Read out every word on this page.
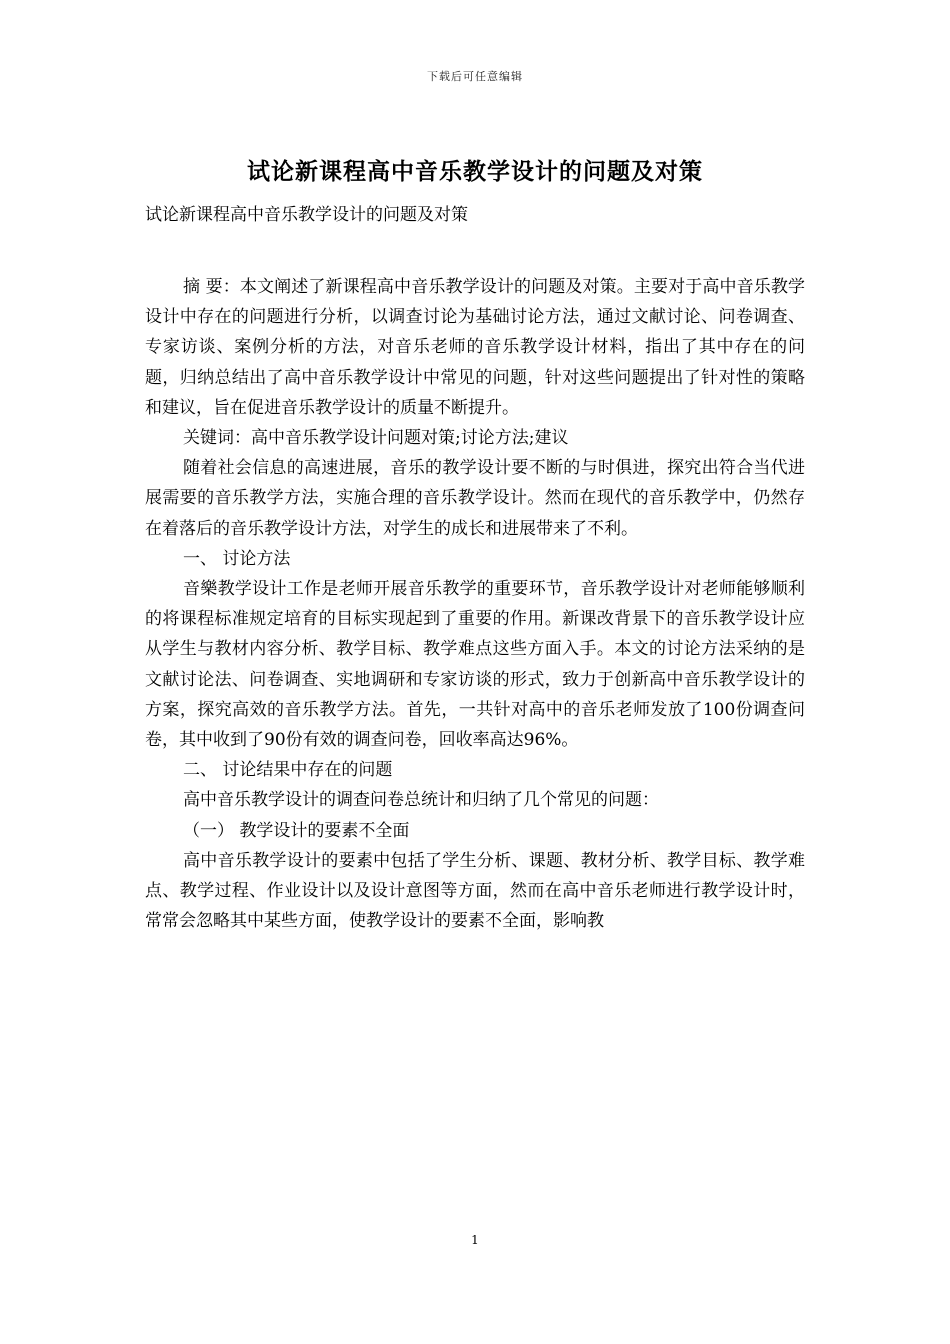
下载后可任意编辑
试论新课程高中音乐教学设计的问题及对策

试论新课程高中音乐教学设计的问题及对策

摘 要：本文阐述了新课程高中音乐教学设计的问题及对策。主要对于高中音乐教学设计中存在的问题进行分析，以调查讨论为基础讨论方法，通过文献讨论、问卷调查、专家访谈、案例分析的方法，对音乐老师的音乐教学设计材料，指出了其中存在的问题，归纳总结出了高中音乐教学设计中常见的问题，针对这些问题提出了针对性的策略和建议，旨在促进音乐教学设计的质量不断提升。

关键词：高中音乐教学设计问题对策;讨论方法;建议

随着社会信息的高速进展，音乐的教学设计要不断的与时俱进，探究出符合当代进展需要的音乐教学方法，实施合理的音乐教学设计。然而在现代的音乐教学中，仍然存在着落后的音乐教学设计方法，对学生的成长和进展带来了不利。

一、 讨论方法

音樂教学设计工作是老师开展音乐教学的重要环节，音乐教学设计对老师能够顺利的将课程标准规定培育的目标实现起到了重要的作用。新课改背景下的音乐教学设计应从学生与教材内容分析、教学目标、教学难点这些方面入手。本文的讨论方法采纳的是文献讨论法、问卷调查、实地调研和专家访谈的形式，致力于创新高中音乐教学设计的方案，探究高效的音乐教学方法。首先，一共针对高中的音乐老师发放了100份调查问卷，其中收到了90份有效的调查问卷，回收率高达96%。

二、 讨论结果中存在的问题

高中音乐教学设计的调查问卷总统计和归纳了几个常见的问题：

（一） 教学设计的要素不全面

高中音乐教学设计的要素中包括了学生分析、课题、教材分析、教学目标、教学难点、教学过程、作业设计以及设计意图等方面，然而在高中音乐老师进行教学设计时，常常会忽略其中某些方面，使教学设计的要素不全面，影响教

1
